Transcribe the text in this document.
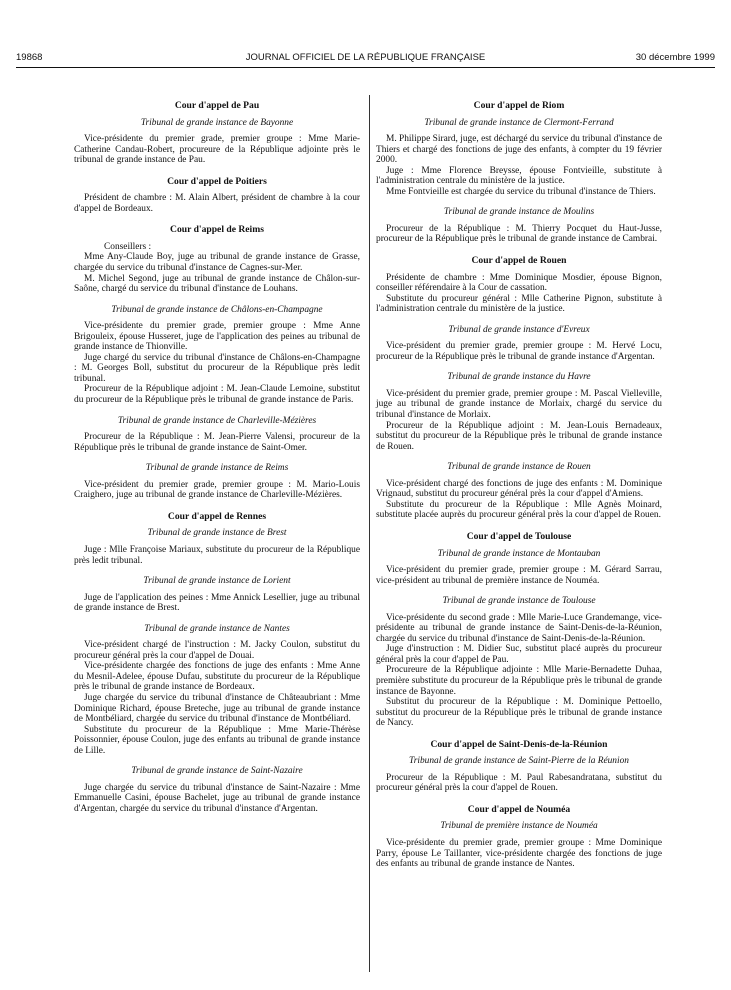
19868	JOURNAL OFFICIEL DE LA RÉPUBLIQUE FRANÇAISE	30 décembre 1999
Cour d'appel de Pau
Tribunal de grande instance de Bayonne
Vice-présidente du premier grade, premier groupe : Mme Marie-Catherine Candau-Robert, procureure de la République adjointe près le tribunal de grande instance de Pau.
Cour d'appel de Poitiers
Président de chambre : M. Alain Albert, président de chambre à la cour d'appel de Bordeaux.
Cour d'appel de Reims
Conseillers :
Mme Any-Claude Boy, juge au tribunal de grande instance de Grasse, chargée du service du tribunal d'instance de Cagnes-sur-Mer.
M. Michel Segond, juge au tribunal de grande instance de Châlon-sur-Saône, chargé du service du tribunal d'instance de Louhans.
Tribunal de grande instance de Châlons-en-Champagne
Vice-présidente du premier grade, premier groupe : Mme Anne Brigouleix, épouse Husseret, juge de l'application des peines au tribunal de grande instance de Thionville.
Juge chargé du service du tribunal d'instance de Châlons-en-Champagne : M. Georges Boll, substitut du procureur de la République près ledit tribunal.
Procureur de la République adjoint : M. Jean-Claude Lemoine, substitut du procureur de la République près le tribunal de grande instance de Paris.
Tribunal de grande instance de Charleville-Mézières
Procureur de la République : M. Jean-Pierre Valensi, procureur de la République près le tribunal de grande instance de Saint-Omer.
Tribunal de grande instance de Reims
Vice-président du premier grade, premier groupe : M. Mario-Louis Craighero, juge au tribunal de grande instance de Charleville-Mézières.
Cour d'appel de Rennes
Tribunal de grande instance de Brest
Juge : Mlle Françoise Mariaux, substitute du procureur de la République près ledit tribunal.
Tribunal de grande instance de Lorient
Juge de l'application des peines : Mme Annick Lesellier, juge au tribunal de grande instance de Brest.
Tribunal de grande instance de Nantes
Vice-président chargé de l'instruction : M. Jacky Coulon, substitut du procureur général près la cour d'appel de Douai.
Vice-présidente chargée des fonctions de juge des enfants : Mme Anne du Mesnil-Adelee, épouse Dufau, substitute du procureur de la République près le tribunal de grande instance de Bordeaux.
Juge chargée du service du tribunal d'instance de Châteaubriant : Mme Dominique Richard, épouse Breteche, juge au tribunal de grande instance de Montbéliard, chargée du service du tribunal d'instance de Montbéliard.
Substitute du procureur de la République : Mme Marie-Thérèse Poissonnier, épouse Coulon, juge des enfants au tribunal de grande instance de Lille.
Tribunal de grande instance de Saint-Nazaire
Juge chargée du service du tribunal d'instance de Saint-Nazaire : Mme Emmanuelle Casini, épouse Bachelet, juge au tribunal de grande instance d'Argentan, chargée du service du tribunal d'instance d'Argentan.
Cour d'appel de Riom
Tribunal de grande instance de Clermont-Ferrand
M. Philippe Sirard, juge, est déchargé du service du tribunal d'instance de Thiers et chargé des fonctions de juge des enfants, à compter du 19 février 2000.
Juge : Mme Florence Breysse, épouse Fontvieille, substitute à l'administration centrale du ministère de la justice.
Mme Fontvieille est chargée du service du tribunal d'instance de Thiers.
Tribunal de grande instance de Moulins
Procureur de la République : M. Thierry Pocquet du Haut-Jusse, procureur de la République près le tribunal de grande instance de Cambrai.
Cour d'appel de Rouen
Présidente de chambre : Mme Dominique Mosdier, épouse Bignon, conseiller référendaire à la Cour de cassation.
Substitute du procureur général : Mlle Catherine Pignon, substitute à l'administration centrale du ministère de la justice.
Tribunal de grande instance d'Evreux
Vice-président du premier grade, premier groupe : M. Hervé Locu, procureur de la République près le tribunal de grande instance d'Argentan.
Tribunal de grande instance du Havre
Vice-président du premier grade, premier groupe : M. Pascal Vielleville, juge au tribunal de grande instance de Morlaix, chargé du service du tribunal d'instance de Morlaix.
Procureur de la République adjoint : M. Jean-Louis Bernadeaux, substitut du procureur de la République près le tribunal de grande instance de Rouen.
Tribunal de grande instance de Rouen
Vice-président chargé des fonctions de juge des enfants : M. Dominique Vrignaud, substitut du procureur général près la cour d'appel d'Amiens.
Substitute du procureur de la République : Mlle Agnès Moinard, substitute placée auprès du procureur général près la cour d'appel de Rouen.
Cour d'appel de Toulouse
Tribunal de grande instance de Montauban
Vice-président du premier grade, premier groupe : M. Gérard Sarrau, vice-président au tribunal de première instance de Nouméa.
Tribunal de grande instance de Toulouse
Vice-présidente du second grade : Mlle Marie-Luce Grandemange, vice-présidente au tribunal de grande instance de Saint-Denis-de-la-Réunion, chargée du service du tribunal d'instance de Saint-Denis-de-la-Réunion.
Juge d'instruction : M. Didier Suc, substitut placé auprès du procureur général près la cour d'appel de Pau.
Procureure de la République adjointe : Mlle Marie-Bernadette Duhaa, première substitute du procureur de la République près le tribunal de grande instance de Bayonne.
Substitut du procureur de la République : M. Dominique Pettoello, substitut du procureur de la République près le tribunal de grande instance de Nancy.
Cour d'appel de Saint-Denis-de-la-Réunion
Tribunal de grande instance de Saint-Pierre de la Réunion
Procureur de la République : M. Paul Rabesandratana, substitut du procureur général près la cour d'appel de Rouen.
Cour d'appel de Nouméa
Tribunal de première instance de Nouméa
Vice-présidente du premier grade, premier groupe : Mme Dominique Parry, épouse Le Taillanter, vice-présidente chargée des fonctions de juge des enfants au tribunal de grande instance de Nantes.
